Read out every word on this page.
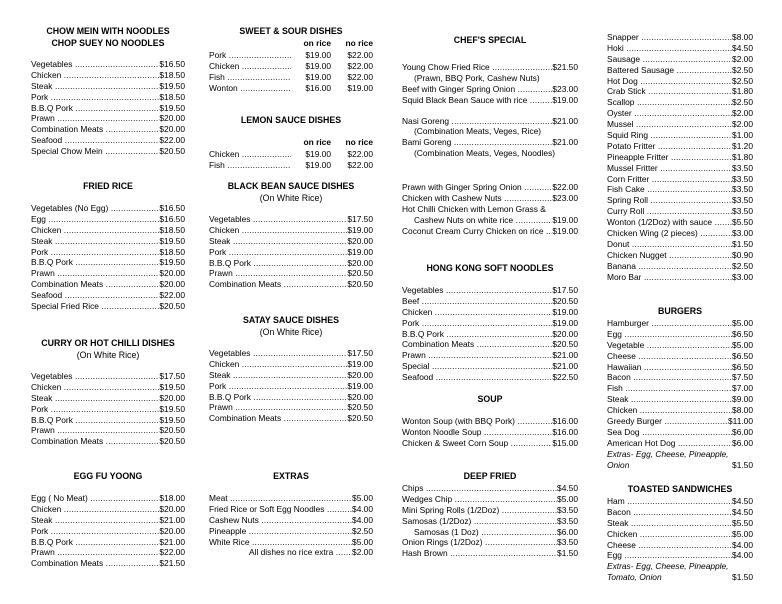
CHOW MEIN WITH NOODLES
CHOP SUEY NO NOODLES
Vegetables .....	$16.50
Chicken .....	$18.50
Steak .....	$19.50
Pork .....	$18.50
B.B.Q Pork .....	$19.50
Prawn .....	$20.00
Combination Meats .....	$20.00
Seafood .....	$22.00
Special Chow Mein .....	$20.50
FRIED RICE
Vegetables (No Egg) .....	$16.50
Egg .....	$16.50
Chicken .....	$18.50
Steak .....	$19.50
Pork .....	$18.50
B.B.Q Pork .....	$19.50
Prawn .....	$20.00
Combination Meats .....	$20.00
Seafood .....	$22.00
Special Fried Rice .....	$20.50
CURRY OR HOT CHILLI DISHES
(On White Rice)
Vegetables .....	$17.50
Chicken .....	$19.50
Steak .....	$20.00
Pork .....	$19.50
B.B.Q Pork .....	$19.50
Prawn .....	$20.50
Combination Meats .....	$20.50
EGG FU YOONG
Egg ( No Meat) .....	$18.00
Chicken .....	$20.00
Steak .....	$21.00
Pork .....	$20.00
B.B.Q Pork .....	$21.00
Prawn .....	$22.00
Combination Meats .....	$21.50
SWEET & SOUR DISHES
on rice	no rice
Pork .....	$19.00	$22.00
Chicken .....	$19.00	$22.00
Fish .....	$19.00	$22.00
Wonton .....	$16.00	$19.00
LEMON SAUCE DISHES
on rice	no rice
Chicken .....	$19.00	$22.00
Fish .....	$19.00	$22.00
BLACK BEAN SAUCE DISHES
(On White Rice)
Vegetables .....	$17.50
Chicken .....	$19.00
Steak .....	$20.00
Pork .....	$19.00
B.B.Q Pork .....	$20.00
Prawn .....	$20.50
Combination Meats .....	$20.50
SATAY SAUCE DISHES
(On White Rice)
Vegetables .....	$17.50
Chicken .....	$19.00
Steak .....	$20.00
Pork .....	$19.00
B.B.Q Pork .....	$20.00
Prawn .....	$20.50
Combination Meats .....	$20.50
EXTRAS
Meat .....	$5.00
Fried Rice or Soft Egg Noodles .....	$4.00
Cashew Nuts .....	$4.00
Pineapple .....	$2.50
White Rice .....	$5.00
All dishes no rice extra .....	$2.00
CHEF'S SPECIAL
Young Chow Fried Rice .....	$21.50
(Prawn, BBQ Pork, Cashew Nuts)
Beef with Ginger Spring Onion .....	$23.00
Squid Black Bean Sauce with rice .....	$19.00
Nasi Goreng .....	$21.00
(Combination Meats, Veges, Rice)
Bami Goreng .....	$21.00
(Combination Meats, Veges, Noodles)
Prawn with Ginger Spring Onion .....	$22.00
Chicken with Cashew Nuts .....	$23.00
Hot Chilli Chicken with Lemon Grass &
Cashew Nuts on white rice .....	$19.00
Coconut Cream Curry Chicken on rice .....	$19.00
HONG KONG SOFT NOODLES
Vegetables .....	$17.50
Beef .....	$20.50
Chicken .....	$19.00
Pork .....	$19.00
B.B.Q Pork .....	$20.00
Combination Meats .....	$20.50
Prawn .....	$21.00
Special .....	$21.00
Seafood .....	$22.50
SOUP
Wonton Soup (with BBQ Pork) .....	$16.00
Wonton Noodle Soup .....	$16.00
Chicken & Sweet Corn Soup .....	$15.00
DEEP FRIED
Chips .....	$4.50
Wedges Chip .....	$5.00
Mini Spring Rolls (1/2Doz) .....	$3.50
Samosas (1/2Doz) .....	$3.50
Samosas (1 Doz) .....	$6.00
Onion Rings (1/2Doz) .....	$3.50
Hash Brown .....	$1.50
Snapper .....	$8.00
Hoki .....	$4.50
Sausage .....	$2.00
Battered Sausage .....	$2.50
Hot Dog .....	$2.50
Crab Stick .....	$1.80
Scallop .....	$2.50
Oyster .....	$2.00
Mussel .....	$2.00
Squid Ring .....	$1.00
Potato Fritter .....	$1.20
Pineapple Fritter .....	$1.80
Mussel Fritter .....	$3.50
Corn Fritter .....	$3.50
Fish Cake .....	$3.50
Spring Roll .....	$3.50
Curry Roll .....	$3.50
Wonton (1/2Doz) with sauce .....	$5.50
Chicken Wing (2 pieces) .....	$3.00
Donut .....	$1.50
Chicken Nugget .....	$0.90
Banana .....	$2.50
Moro Bar .....	$3.00
BURGERS
Hamburger .....	$5.00
Egg .....	$6.50
Vegetable .....	$5.00
Cheese .....	$6.50
Hawaiian .....	$6.50
Bacon .....	$7.50
Fish .....	$7.00
Steak .....	$9.00
Chicken .....	$8.00
Greedy Burger .....	$11.00
Sea Dog .....	$6.00
American Hot Dog .....	$6.00
Extras- Egg, Cheese, Pineapple,
Onion	$1.50
TOASTED SANDWICHES
Ham .....	$4.50
Bacon .....	$4.50
Steak .....	$5.50
Chicken .....	$5.00
Cheese .....	$4.00
Egg .....	$4.00
Extras- Egg, Cheese, Pineapple,
Tomato, Onion	$1.50
